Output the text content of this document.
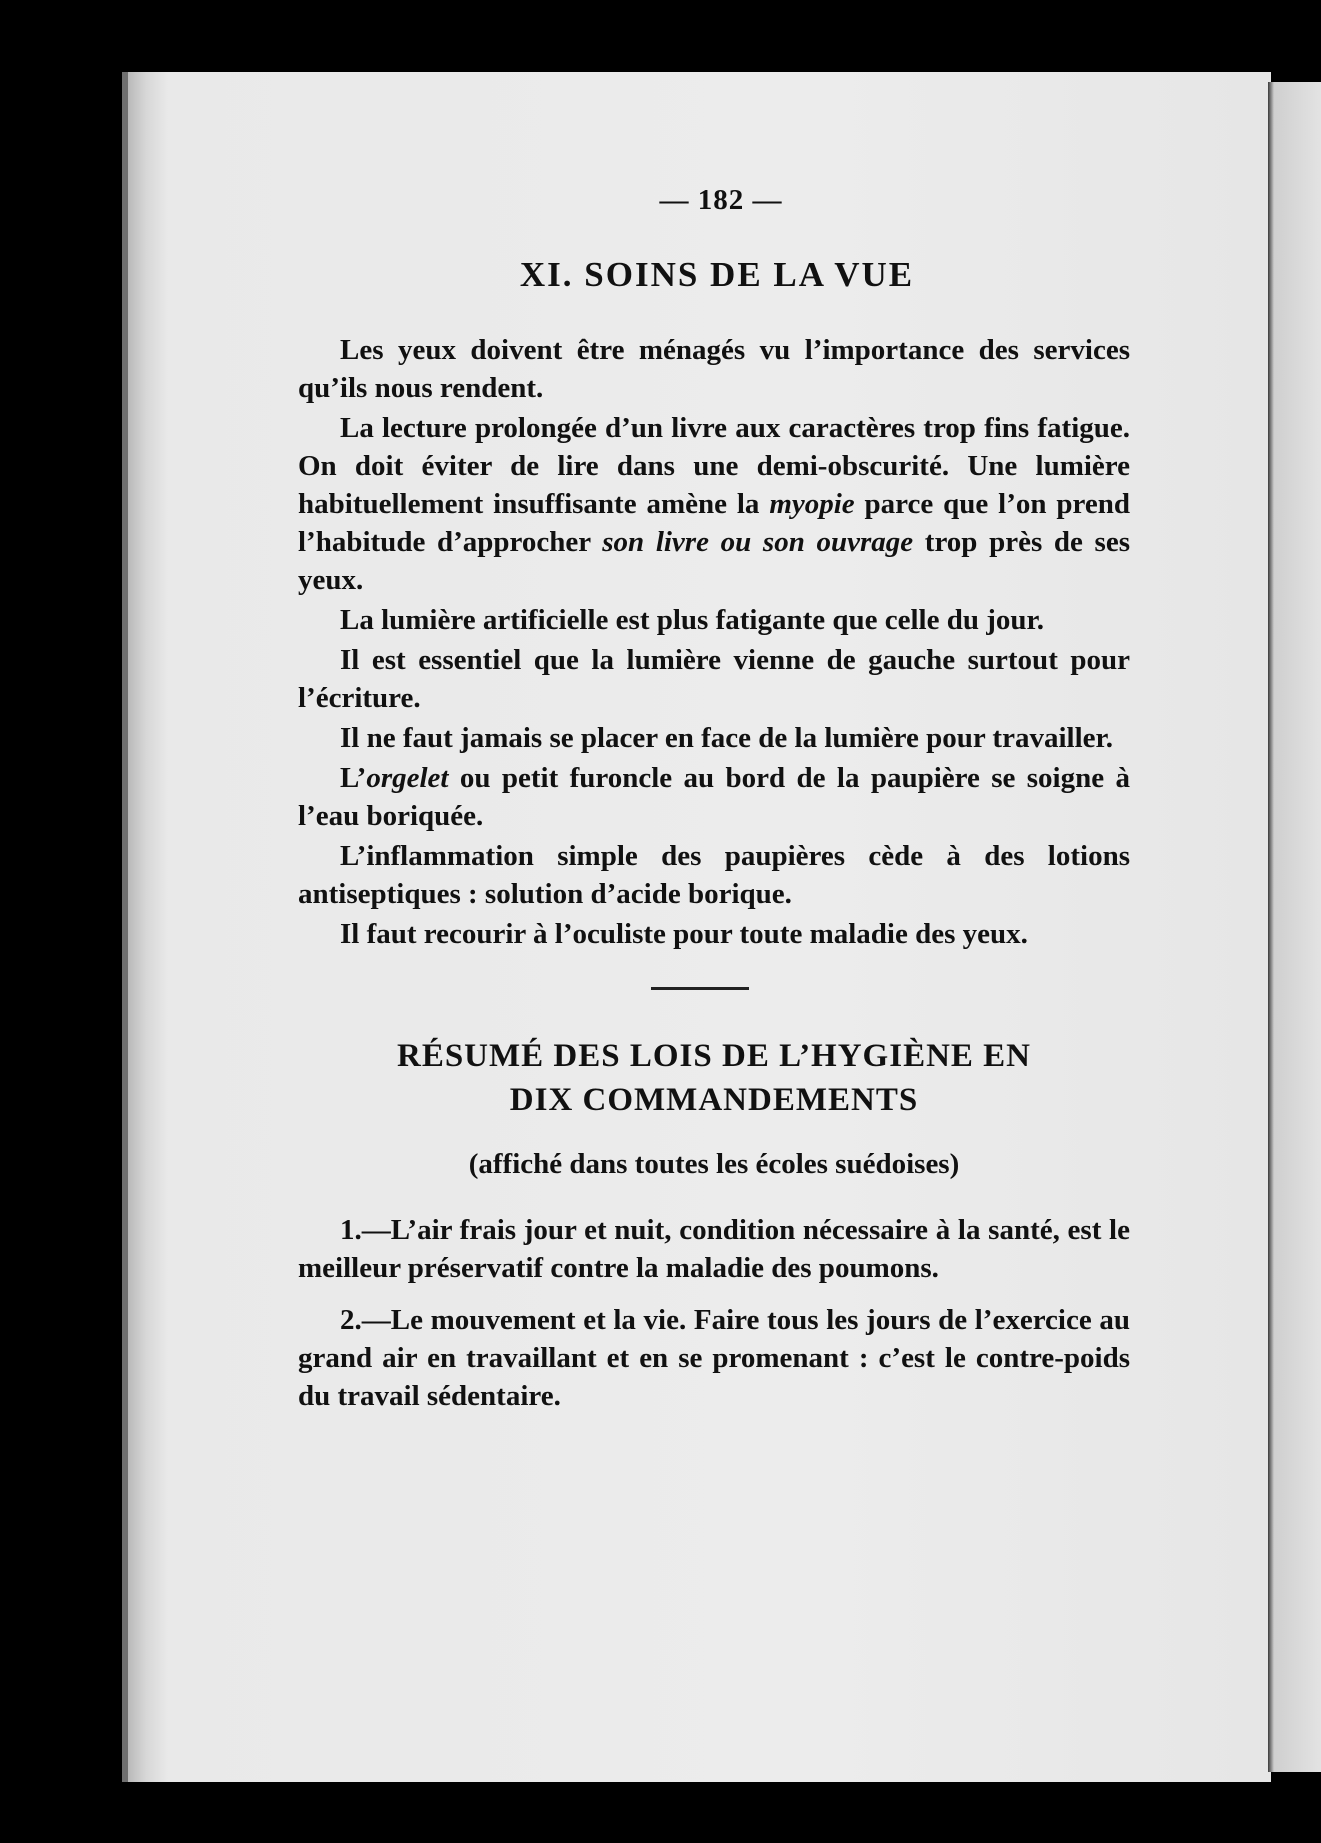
— 182 —
XI. SOINS DE LA VUE

Les yeux doivent être ménagés vu l’importance des services qu’ils nous rendent.

La lecture prolongée d’un livre aux caractères trop fins fatigue. On doit éviter de lire dans une demi-obscurité. Une lumière habituellement insuffisante amène la myopie parce que l’on prend l’habitude d’approcher son livre ou son ouvrage trop près de ses yeux.

La lumière artificielle est plus fatigante que celle du jour.

Il est essentiel que la lumière vienne de gauche surtout pour l’écriture.

Il ne faut jamais se placer en face de la lumière pour travailler.

L’orgelet ou petit furoncle au bord de la paupière se soigne à l’eau boriquée.

L’inflammation simple des paupières cède à des lotions antiseptiques : solution d’acide borique.

Il faut recourir à l’oculiste pour toute maladie des yeux.

RÉSUMÉ DES LOIS DE L’HYGIÈNE EN
DIX COMMANDEMENTS
(affiché dans toutes les écoles suédoises)

1.—L’air frais jour et nuit, condition nécessaire à la santé, est le meilleur préservatif contre la maladie des poumons.

2.—Le mouvement et la vie. Faire tous les jours de l’exercice au grand air en travaillant et en se promenant : c’est le contre-poids du travail sédentaire.
